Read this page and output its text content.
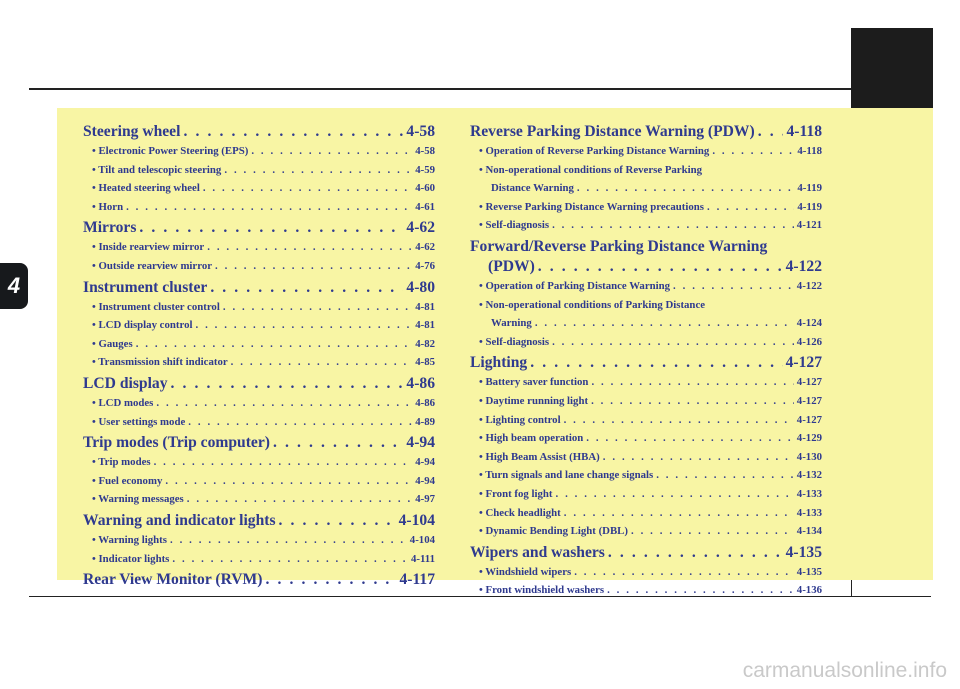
4
Steering wheel . . .	4-58
• Electronic Power Steering (EPS) . . .	4-58
• Tilt and telescopic steering . . .	4-59
• Heated steering wheel . . .	4-60
• Horn . . .	4-61
Mirrors . . .	4-62
• Inside rearview mirror . . .	4-62
• Outside rearview mirror . . .	4-76
Instrument cluster . . .	4-80
• Instrument cluster control . . .	4-81
• LCD display control . . .	4-81
• Gauges . . .	4-82
• Transmission shift indicator . . .	4-85
LCD display . . .	4-86
• LCD modes . . .	4-86
• User settings mode . . .	4-89
Trip modes (Trip computer) . . .	4-94
• Trip modes . . .	4-94
• Fuel economy . . .	4-94
• Warning messages . . .	4-97
Warning and indicator lights . . .	4-104
• Warning lights . . .	4-104
• Indicator lights . . .	4-111
Rear View Monitor (RVM) . . .	4-117
Reverse Parking Distance Warning (PDW) . . . 4-118
• Operation of Reverse Parking Distance Warning . . .	4-118
• Non-operational conditions of Reverse Parking
Distance Warning . . .	4-119
• Reverse Parking Distance Warning precautions . . .	4-119
• Self-diagnosis . . .	4-121
Forward/Reverse Parking Distance Warning
(PDW) . . .	4-122
• Operation of Parking Distance Warning . . .	4-122
• Non-operational conditions of Parking Distance
Warning . . .	4-124
• Self-diagnosis . . .	4-126
Lighting . . .	4-127
• Battery saver function . . .	4-127
• Daytime running light . . .	4-127
• Lighting control . . .	4-127
• High beam operation . . .	4-129
• High Beam Assist (HBA) . . .	4-130
• Turn signals and lane change signals . . .	4-132
• Front fog light . . .	4-133
• Check headlight . . .	4-133
• Dynamic Bending Light (DBL) . . .	4-134
Wipers and washers . . .	4-135
• Windshield wipers . . .	4-135
• Front windshield washers . . .	4-136
carmanualsonline.info
